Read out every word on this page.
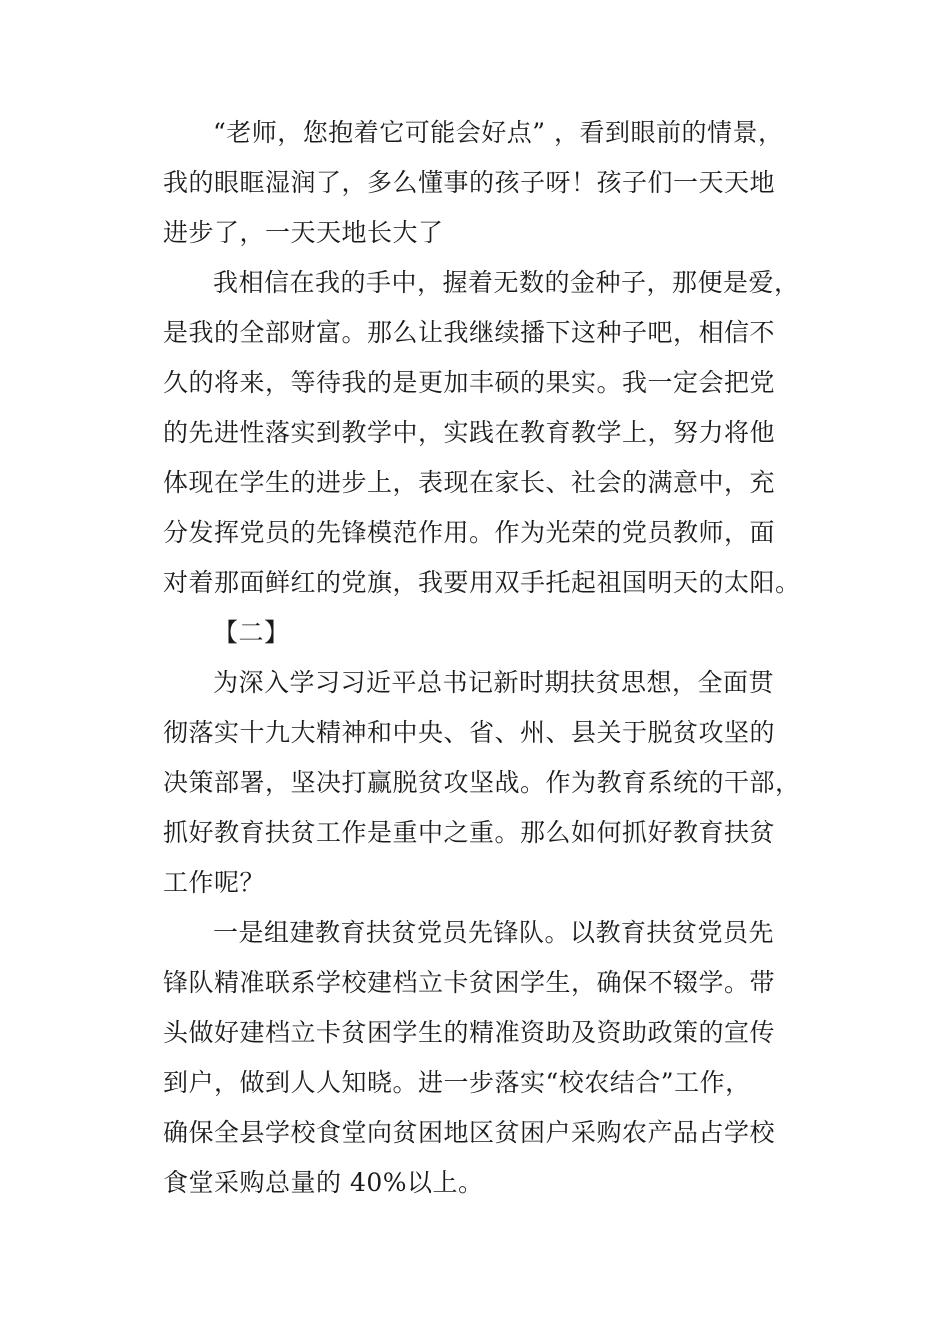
“老师，您抱着它可能会好点” ，看到眼前的情景，
我的眼眶湿润了，多么懂事的孩子呀！孩子们一天天地
进步了，一天天地长大了
我相信在我的手中，握着无数的金种子，那便是爱，
是我的全部财富。那么让我继续播下这种子吧，相信不
久的将来，等待我的是更加丰硕的果实。我一定会把党
的先进性落实到教学中，实践在教育教学上，努力将他
体现在学生的进步上，表现在家长、社会的满意中，充
分发挥党员的先锋模范作用。作为光荣的党员教师，面
对着那面鲜红的党旗，我要用双手托起祖国明天的太阳。
【二】
为深入学习习近平总书记新时期扶贫思想，全面贯
彻落实十九大精神和中央、省、州、县关于脱贫攻坚的
决策部署，坚决打赢脱贫攻坚战。作为教育系统的干部，
抓好教育扶贫工作是重中之重。那么如何抓好教育扶贫
工作呢？
一是组建教育扶贫党员先锋队。以教育扶贫党员先
锋队精准联系学校建档立卡贫困学生，确保不辍学。带
头做好建档立卡贫困学生的精准资助及资助政策的宣传
到户，做到人人知晓。进一步落实“校农结合”工作，
确保全县学校食堂向贫困地区贫困户采购农产品占学校
食堂采购总量的 40%以上。
